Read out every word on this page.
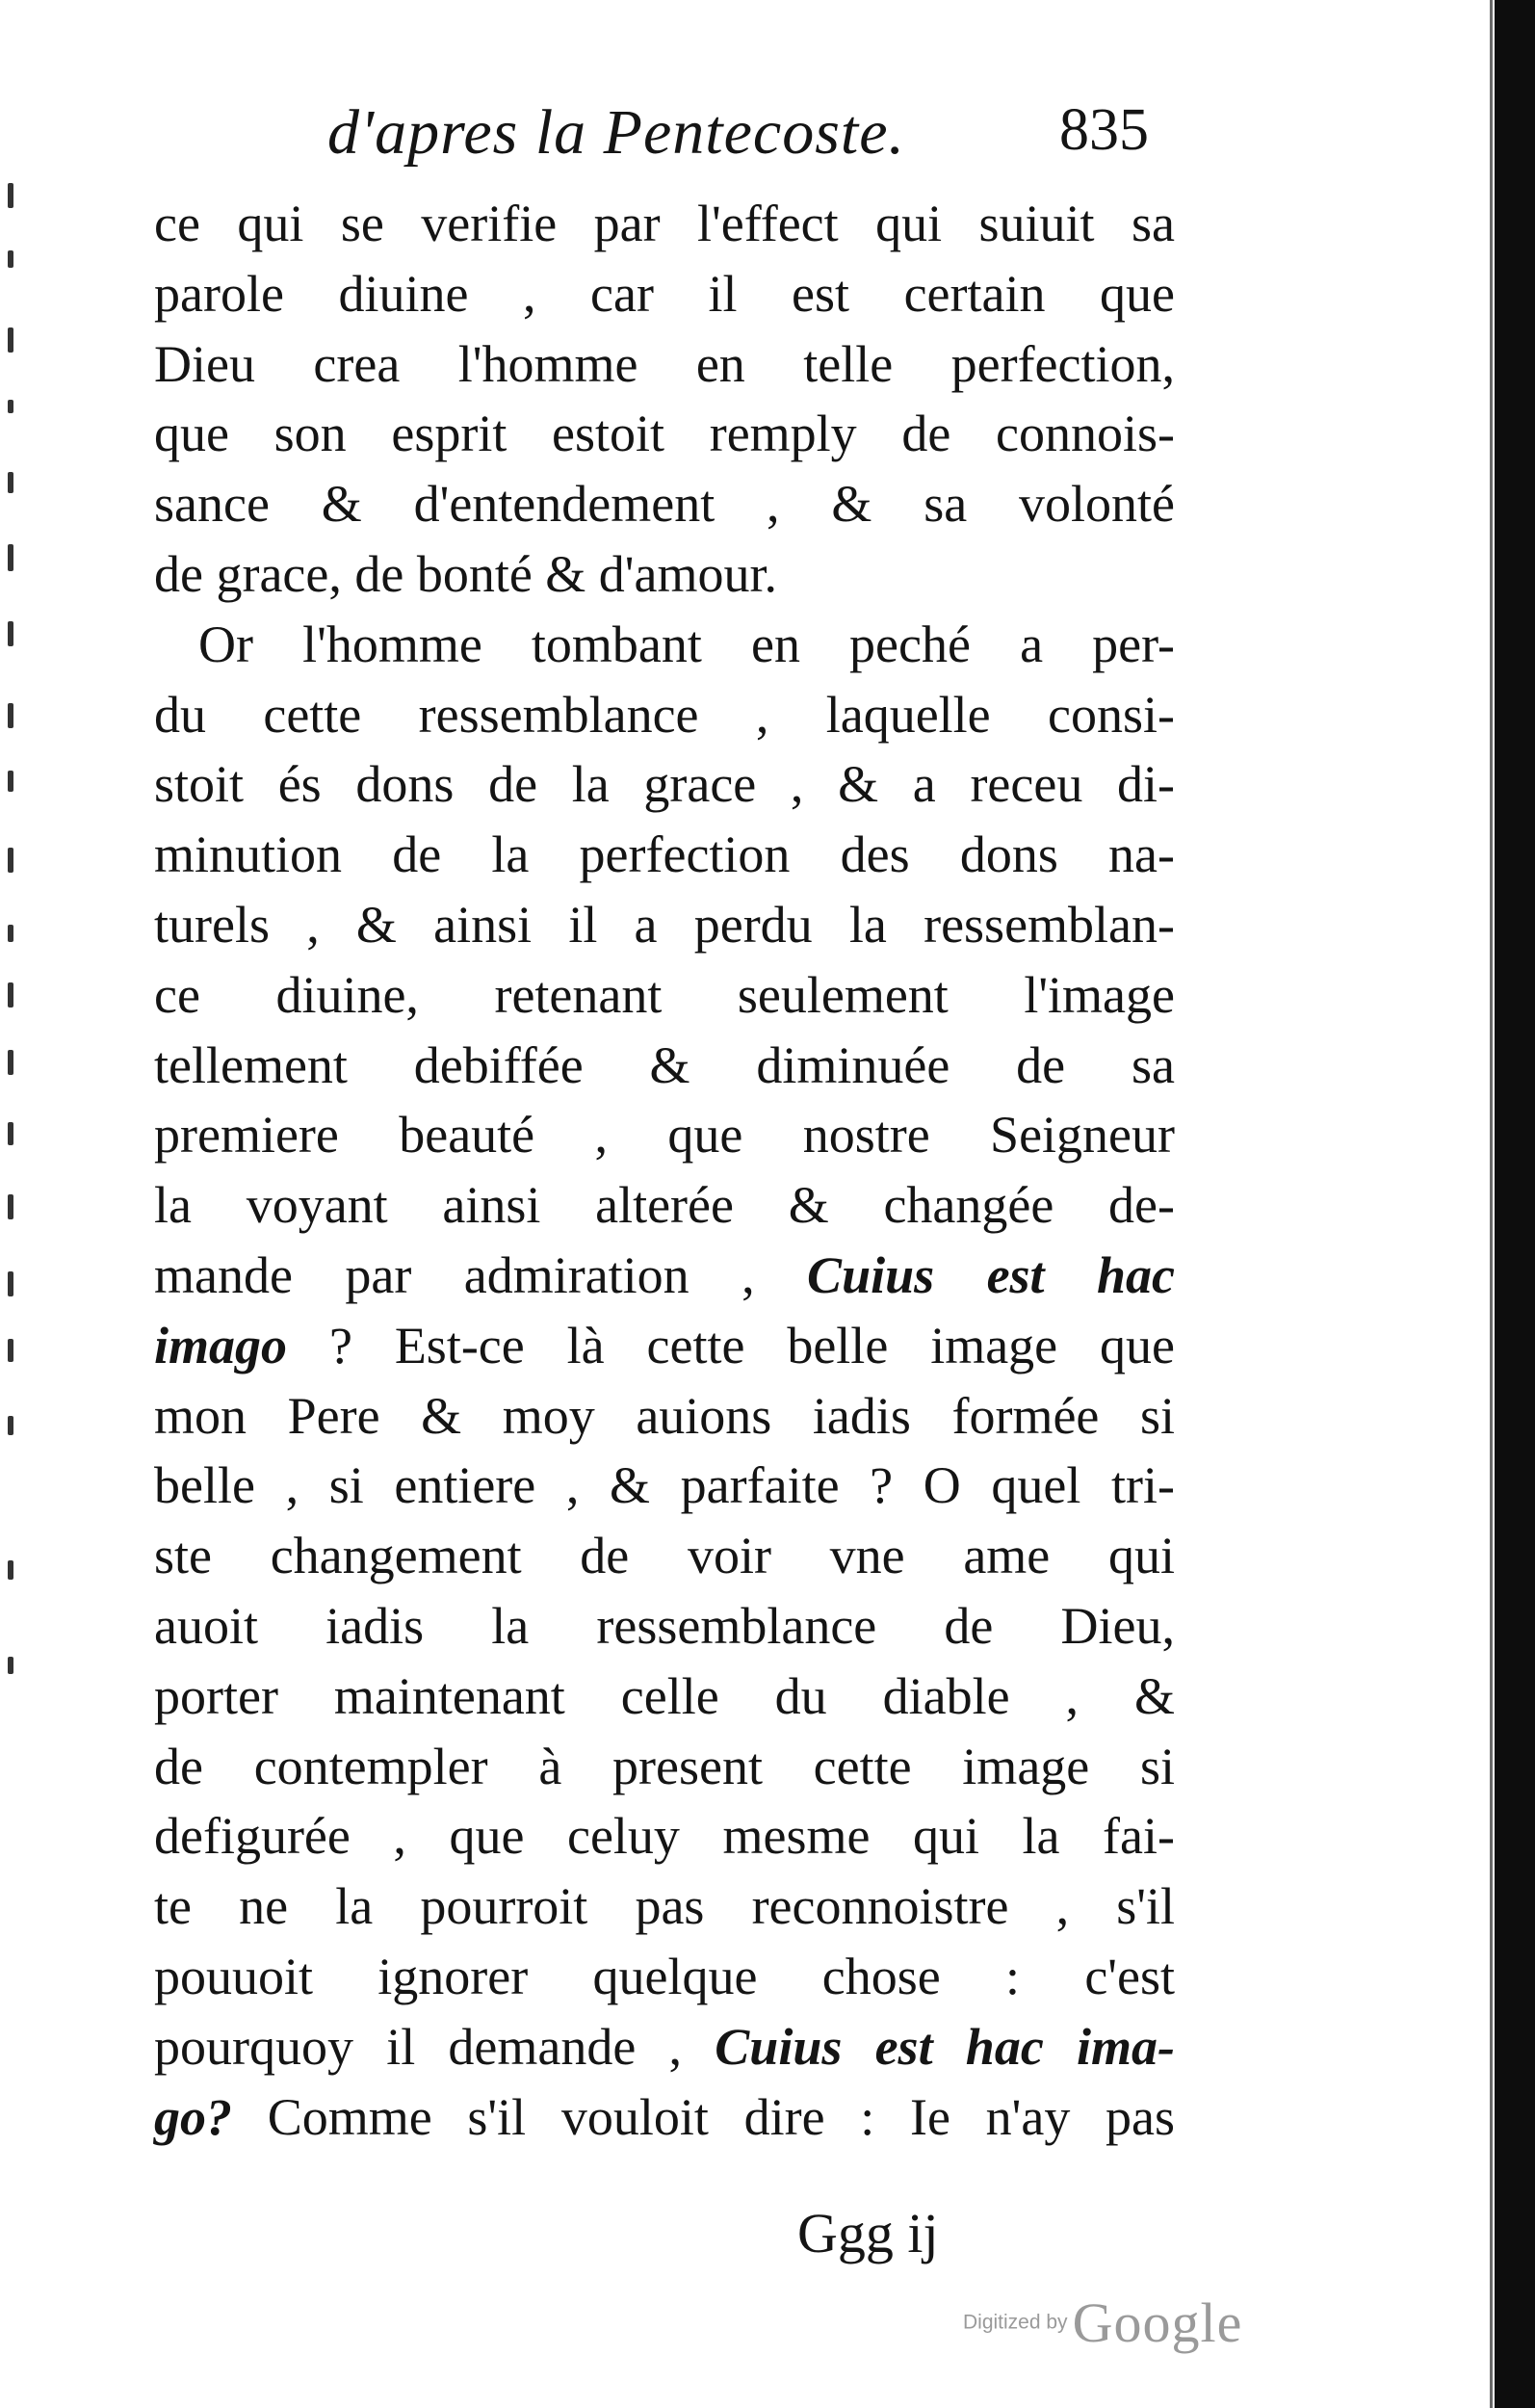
d'apres la Pentecoste.	835
ce qui se verifie par l'effect qui suiuit sa
parole diuine , car il est certain que
Dieu crea l'homme en telle perfection,
que son esprit estoit remply de connois-
sance & d'entendement , & sa volonté
de grace, de bonté & d'amour.
Or l'homme tombant en peché a per-
du cette ressemblance , laquelle consi-
stoit és dons de la grace , & a receu di-
minution de la perfection des dons na-
turels , & ainsi il a perdu la ressemblan-
ce diuine, retenant seulement l'image
tellement debiffée & diminuée de sa
premiere beauté , que nostre Seigneur
la voyant ainsi alterée & changée de-
mande par admiration , Cuius est hac
imago ? Est-ce là cette belle image que
mon Pere & moy auions iadis formée si
belle , si entiere , & parfaite ? O quel tri-
ste changement de voir vne ame qui
auoit iadis la ressemblance de Dieu,
porter maintenant celle du diable , &
de contempler à present cette image si
defigurée , que celuy mesme qui la fai-
te ne la pourroit pas reconnoistre , s'il
pouuoit ignorer quelque chose : c'est
pourquoy il demande , Cuius est hac ima-
go? Comme s'il vouloit dire : Ie n'ay pas
Ggg ij
Digitized by Google
